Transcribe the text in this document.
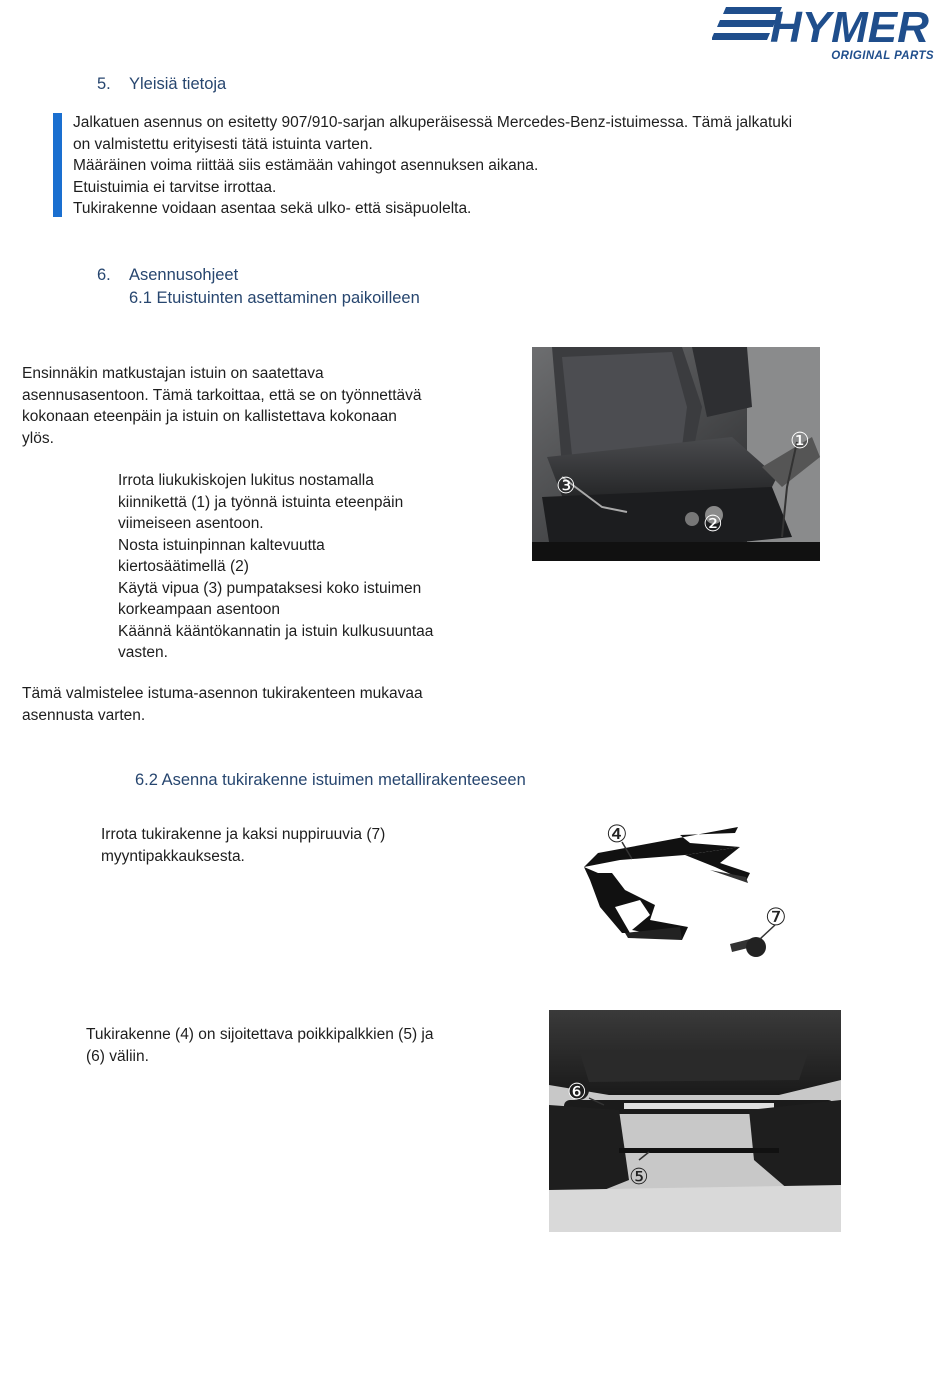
HYMER
ORIGINAL PARTS
5. Yleisiä tietoja
Jalkatuen asennus on esitetty 907/910-sarjan alkuperäisessä Mercedes-Benz-istuimessa. Tämä jalkatuki
on valmistettu erityisesti tätä istuinta varten.
Määräinen voima riittää siis estämään vahingot asennuksen aikana.
Etuistuimia ei tarvitse irrottaa.
Tukirakenne voidaan asentaa sekä ulko- että sisäpuolelta.
6. Asennusohjeet
6.1 Etuistuinten asettaminen paikoilleen
Ensinnäkin matkustajan istuin on saatettava
asennusasentoon. Tämä tarkoittaa, että se on työnnettävä
kokonaan eteenpäin ja istuin on kallistettava kokonaan
ylös.
Irrota liukukiskojen lukitus nostamalla
kiinnikettä (1) ja työnnä istuinta eteenpäin
viimeiseen asentoon.
Nosta istuinpinnan kaltevuutta
kiertosäätimellä (2)
Käytä vipua (3) pumpataksesi koko istuimen
korkeampaan asentoon
Käännä kääntökannatin ja istuin kulkusuuntaa
vasten.
Tämä valmistelee istuma-asennon tukirakenteen mukavaa
asennusta varten.
①
②
③
6.2 Asenna tukirakenne istuimen metallirakenteeseen
Irrota tukirakenne ja kaksi nuppiruuvia (7)
myyntipakkauksesta.
④
⑦
Tukirakenne (4) on sijoitettava poikkipalkkien (5) ja
(6) väliin.
⑥
⑤
